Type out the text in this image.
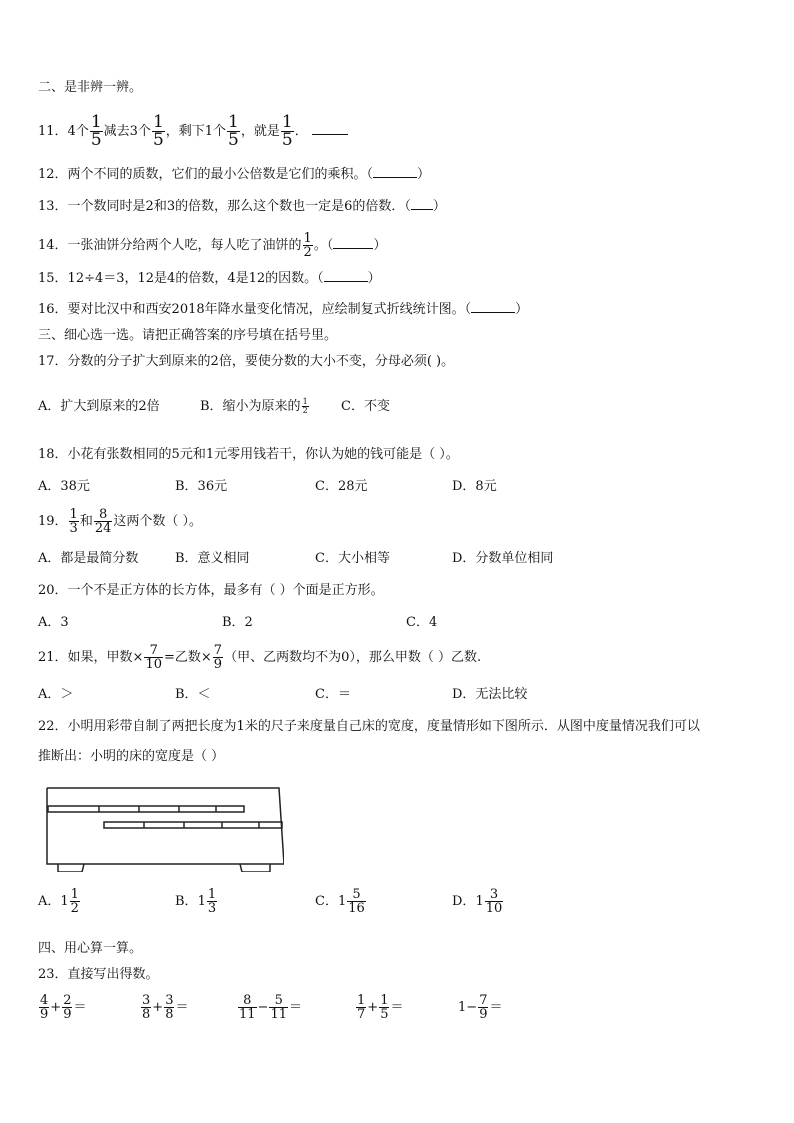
二、是非辨一辨。
11．4个 $\frac{1}{5}$ 减去3个 $\frac{1}{5}$ ，剩下1个 $\frac{1}{5}$ ，就是 $\frac{1}{5}$ ．
12．两个不同的质数，它们的最小公倍数是它们的乘积。（	）
13．一个数同时是2和3的倍数，那么这个数也一定是6的倍数．（ ）
14．一张油饼分给两个人吃，每人吃了油饼的 $\frac{1}{2}$ 。（	）
15．12÷4＝3，12是4的倍数，4是12的因数。（	）
16．要对比汉中和西安2018年降水量变化情况，应绘制复式折线统计图。（	）
三、细心选一选。请把正确答案的序号填在括号里。
17．分数的分子扩大到原来的2倍，要使分数的大小不变，分母必须( )。
A．扩大到原来的2倍	B．缩小为原来的 $\frac{1}{2}$ C．不变
18．小花有张数相同的5元和1元零用钱若干，你认为她的钱可能是（ ）。
A．38元	B．36元	C．28元	D．8元
19． $\frac{1}{3}$ 和 $\frac{8}{24}$ 这两个数（ ）。
A．都是最简分数	B．意义相同	C．大小相等	D．分数单位相同
20．一个不是正方体的长方体，最多有（ ）个面是正方形。
A．3	B．2	C．4
21．如果，甲数× $\frac{7}{10}$ =乙数× $\frac{7}{9}$ （甲、乙两数均不为0），那么甲数（ ）乙数.
A．＞	B．＜	C．＝	D．无法比较
22．小明用彩带自制了两把长度为1米的尺子来度量自己床的宽度，度量情形如下图所示．从图中度量情况我们可以
推断出：小明的床的宽度是（ ）
A．$1 \frac{1}{2}$	B．$1 \frac{1}{3}$	C．$1 \frac{5}{16}$	D．$1 \frac{3}{10}$
四、用心算一算。
23．直接写出得数。
$\frac{4}{9} + \frac{2}{9}$ ＝	$\frac{3}{8} + \frac{3}{8}$ ＝	$\frac{8}{11} - \frac{5}{11}$ ＝	$\frac{1}{7} + \frac{1}{5}$ ＝	$1- \frac{7}{9}$ ＝
